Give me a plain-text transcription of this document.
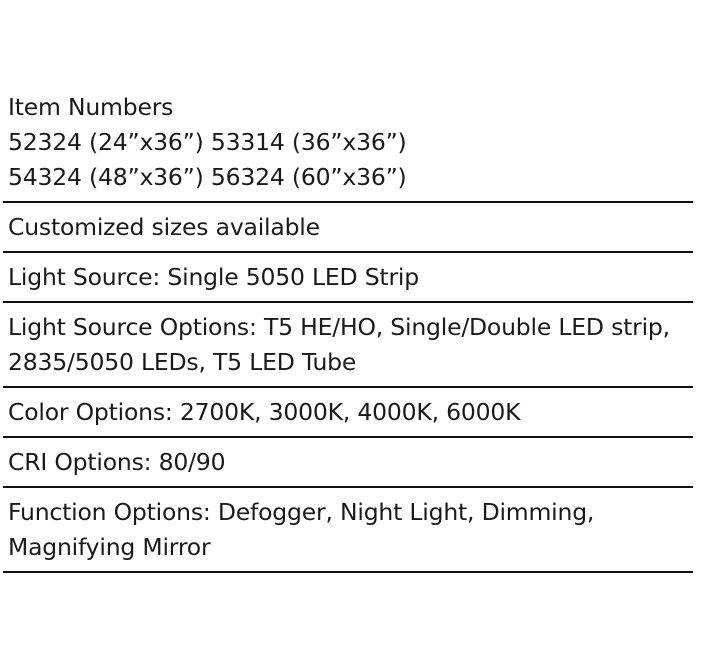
Item Numbers
52324 (24”x36”) 53314 (36”x36”)
54324 (48”x36”) 56324 (60”x36”)
Customized sizes available
Light Source: Single 5050 LED Strip
Light Source Options: T5 HE/HO, Single/Double LED strip,
2835/5050 LEDs, T5 LED Tube
Color Options: 2700K, 3000K, 4000K, 6000K
CRI Options: 80/90
Function Options: Defogger, Night Light, Dimming,
Magnifying Mirror
